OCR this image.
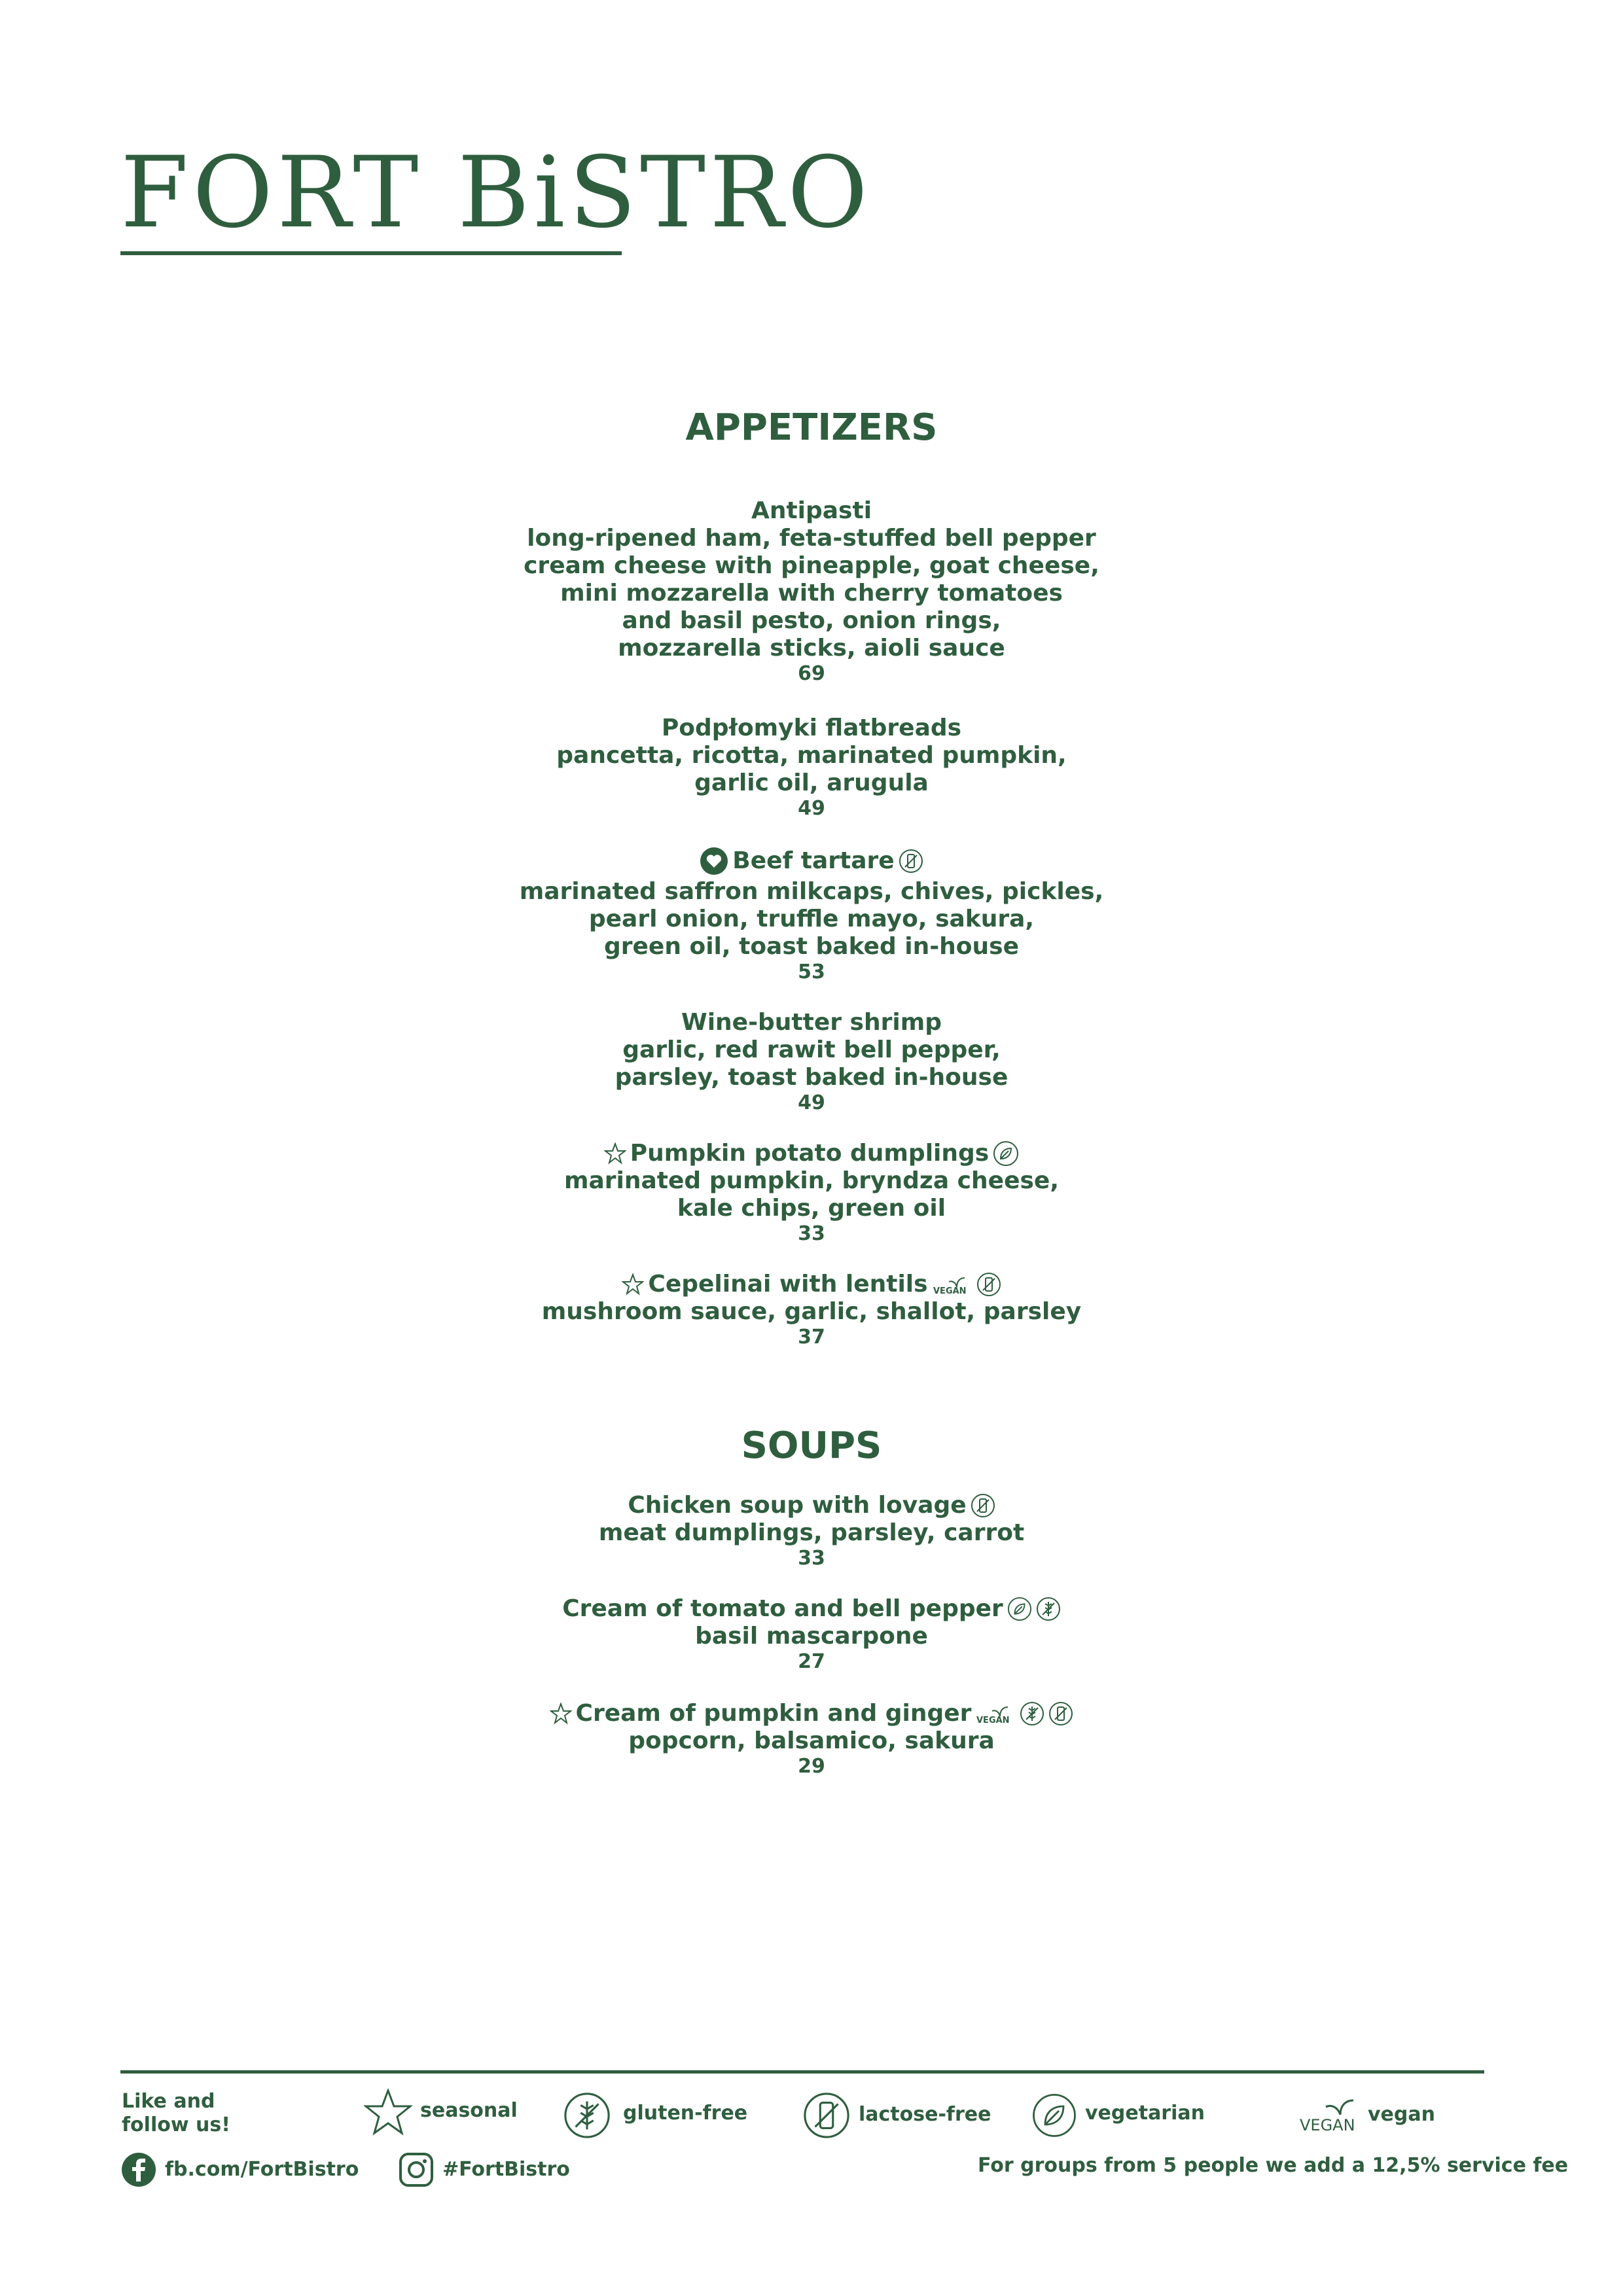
FORT BiSTRO
APPETIZERS
Antipasti
long-ripened ham, feta-stuffed bell pepper
cream cheese with pineapple, goat cheese,
mini mozzarella with cherry tomatoes
and basil pesto, onion rings,
mozzarella sticks, aioli sauce
69
Podpłomyki flatbreads
pancetta, ricotta, marinated pumpkin,
garlic oil, arugula
49
Beef tartare
marinated saffron milkcaps, chives, pickles,
pearl onion, truffle mayo, sakura,
green oil, toast baked in-house
53
Wine-butter shrimp
garlic, red rawit bell pepper,
parsley, toast baked in-house
49
Pumpkin potato dumplings
marinated pumpkin, bryndza cheese,
kale chips, green oil
33
Cepelinai with lentils VEGAN
mushroom sauce, garlic, shallot, parsley
37
SOUPS
Chicken soup with lovage
meat dumplings, parsley, carrot
33
Cream of tomato and bell pepper
basil mascarpone
27
Cream of pumpkin and ginger VEGAN
popcorn, balsamico, sakura
29
Like and
follow us!
seasonal	gluten-free	lactose-free	vegetarian
VEGAN vegan
fb.com/FortBistro	#FortBistro	For groups from 5 people we add a 12,5% service fee
